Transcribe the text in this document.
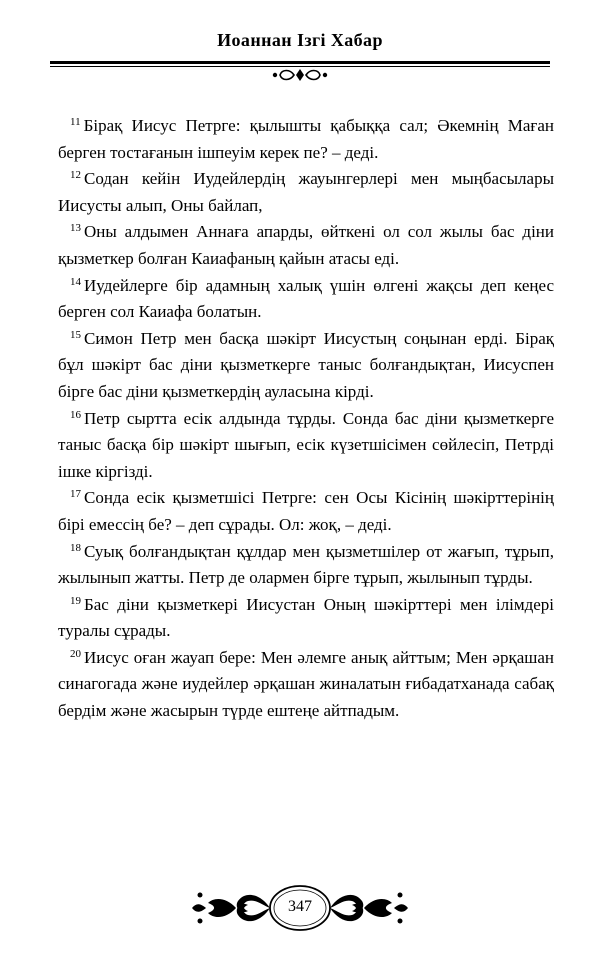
Иоаннан Ізгі Хабар

$^{11}$ Бірақ Иисус Петрге: қылышты қабыққа сал; Әкемнің Маған берген тостағанын ішпеуім керек пе? – деді.

$^{12}$ Содан кейін Иудейлердің жауынгерлері мен мыңбасылары Иисусты алып, Оны байлап,

$^{13}$ Оны алдымен Аннаға апарды, өйткені ол сол жылы бас діни қызметкер болған Каиафаның қайын атасы еді.

$^{14}$ Иудейлерге бір адамның халық үшін өлгені жақсы деп кеңес берген сол Каиафа болатын.

$^{15}$ Симон Петр мен басқа шәкірт Иисустың соңынан ерді. Бірақ бұл шәкірт бас діни қызметкерге таныс болғандықтан, Иисуспен бірге бас діни қызметкердің ауласына кірді.

$^{16}$ Петр сыртта есік алдында тұрды. Сонда бас діни қызметкерге таныс басқа бір шәкірт шығып, есік күзетшісімен сөйлесіп, Петрді ішке кіргізді.

$^{17}$ Сонда есік қызметшісі Петрге: сен Осы Кісінің шәкірттерінің бірі емессің бе? – деп сұрады. Ол: жоқ, – деді.

$^{18}$ Суық болғандықтан құлдар мен қызметшілер от жағып, тұрып, жылынып жатты. Петр де олармен бірге тұрып, жылынып тұрды.

$^{19}$ Бас діни қызметкері Иисустан Оның шәкірттері мен ілімдері туралы сұрады.

$^{20}$ Иисус оған жауап бере: Мен әлемге анық айттым; Мен әрқашан синагогада және иудейлер әрқашан жиналатын ғибадатханада сабақ бердім және жасырын түрде ештеңе айтпадым.

347
